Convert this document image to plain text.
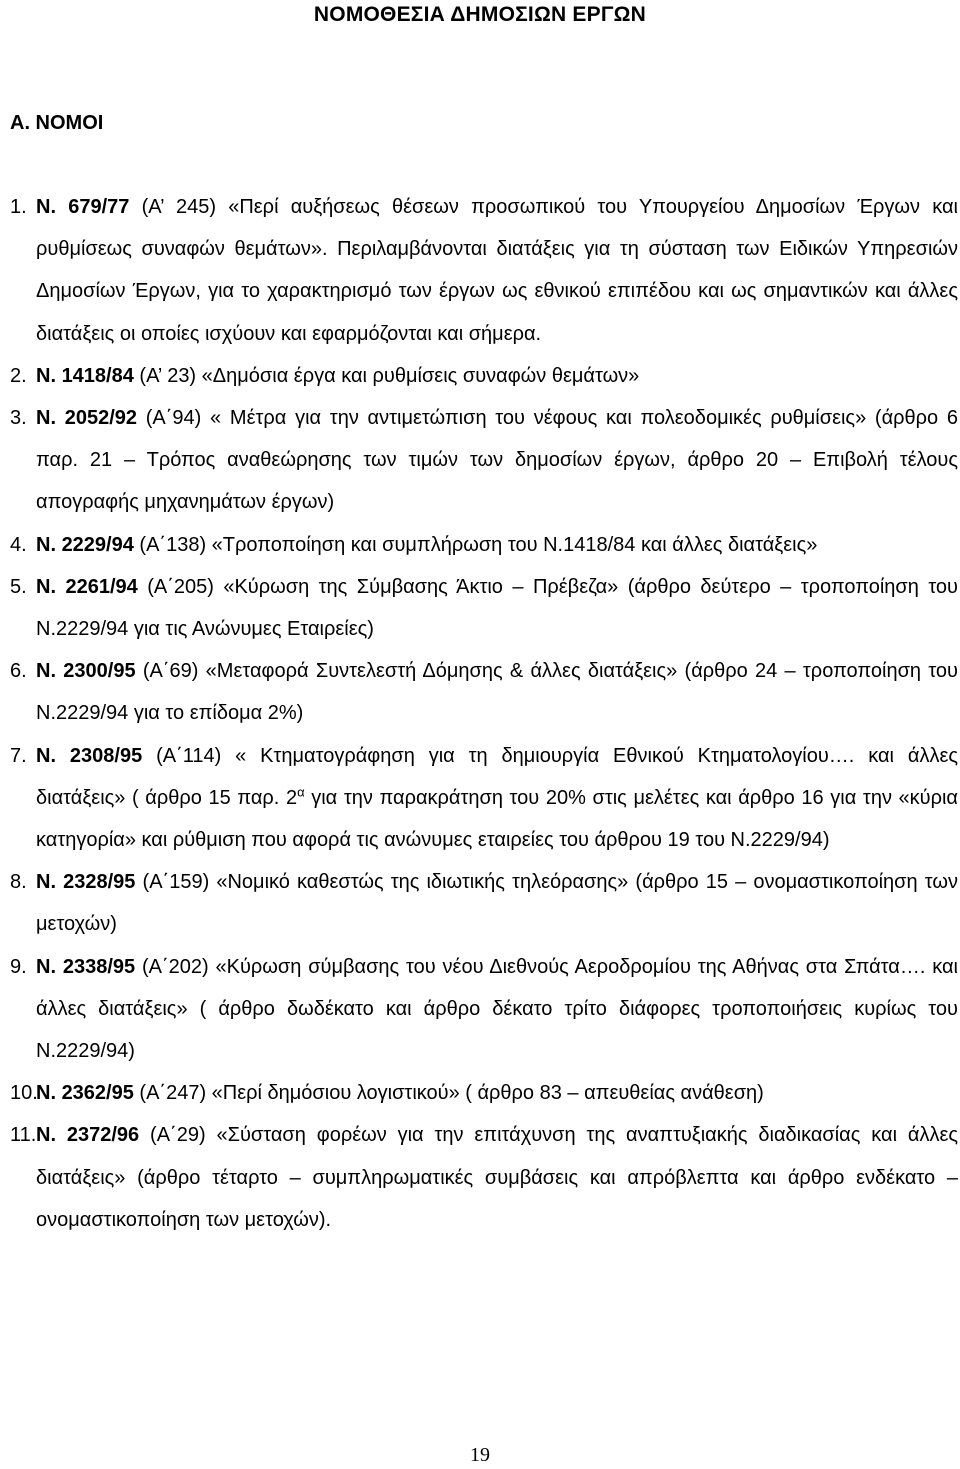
ΝΟΜΟΘΕΣΙΑ ΔΗΜΟΣΙΩΝ ΕΡΓΩΝ
Α. ΝΟΜΟΙ
1. Ν. 679/77 (Α’ 245) «Περί αυξήσεως θέσεων προσωπικού του Υπουργείου Δημοσίων Έργων και ρυθμίσεως συναφών θεμάτων». Περιλαμβάνονται διατάξεις για τη σύσταση των Ειδικών Υπηρεσιών Δημοσίων Έργων, για το χαρακτηρισμό των έργων ως εθνικού επιπέδου και ως σημαντικών και άλλες διατάξεις οι οποίες ισχύουν και εφαρμόζονται και σήμερα.
2. Ν. 1418/84 (Α’ 23) «Δημόσια έργα και ρυθμίσεις συναφών θεμάτων»
3. Ν. 2052/92 (Α΄94) « Μέτρα για την αντιμετώπιση του νέφους και πολεοδομικές ρυθμίσεις» (άρθρο 6 παρ. 21 – Τρόπος αναθεώρησης των τιμών των δημοσίων έργων, άρθρο 20 – Επιβολή τέλους απογραφής μηχανημάτων έργων)
4. Ν. 2229/94 (Α΄138) «Τροποποίηση και συμπλήρωση του Ν.1418/84 και άλλες διατάξεις»
5. Ν. 2261/94 (Α΄205) «Κύρωση της Σύμβασης Άκτιο – Πρέβεζα» (άρθρο δεύτερο – τροποποίηση του Ν.2229/94 για τις Ανώνυμες Εταιρείες)
6. Ν. 2300/95 (Α΄69) «Μεταφορά Συντελεστή Δόμησης & άλλες διατάξεις» (άρθρο 24 – τροποποίηση του Ν.2229/94 για το επίδομα 2%)
7. Ν. 2308/95 (Α΄114) « Κτηματογράφηση για τη δημιουργία Εθνικού Κτηματολογίου…. και άλλες διατάξεις» ( άρθρο 15 παρ. $2^\alpha$ για την παρακράτηση του 20% στις μελέτες και άρθρο 16 για την «κύρια κατηγορία» και ρύθμιση που αφορά τις ανώνυμες εταιρείες του άρθρου 19 του Ν.2229/94)
8. Ν. 2328/95 (Α΄159) «Νομικό καθεστώς της ιδιωτικής τηλεόρασης» (άρθρο 15 – ονομαστικοποίηση των μετοχών)
9. Ν. 2338/95 (Α΄202) «Κύρωση σύμβασης του νέου Διεθνούς Αερoδρομίου της Αθήνας στα Σπάτα…. και άλλες διατάξεις» ( άρθρο δωδέκατο και άρθρο δέκατο τρίτο διάφορες τροποποιήσεις κυρίως του Ν.2229/94)
10.
Ν. 2362/95 (Α΄247) «Περί δημόσιου λογιστικού» ( άρθρο 83 – απευθείας ανάθεση)
11. Ν. 2372/96 (Α΄29) «Σύσταση φορέων για την επιτάχυνση της αναπτυξιακής διαδικασίας και άλλες διατάξεις» (άρθρο τέταρτο – συμπληρωματικές συμβάσεις και απρόβλεπτα και άρθρο ενδέκατο – ονομαστικοποίηση των μετοχών).
19
